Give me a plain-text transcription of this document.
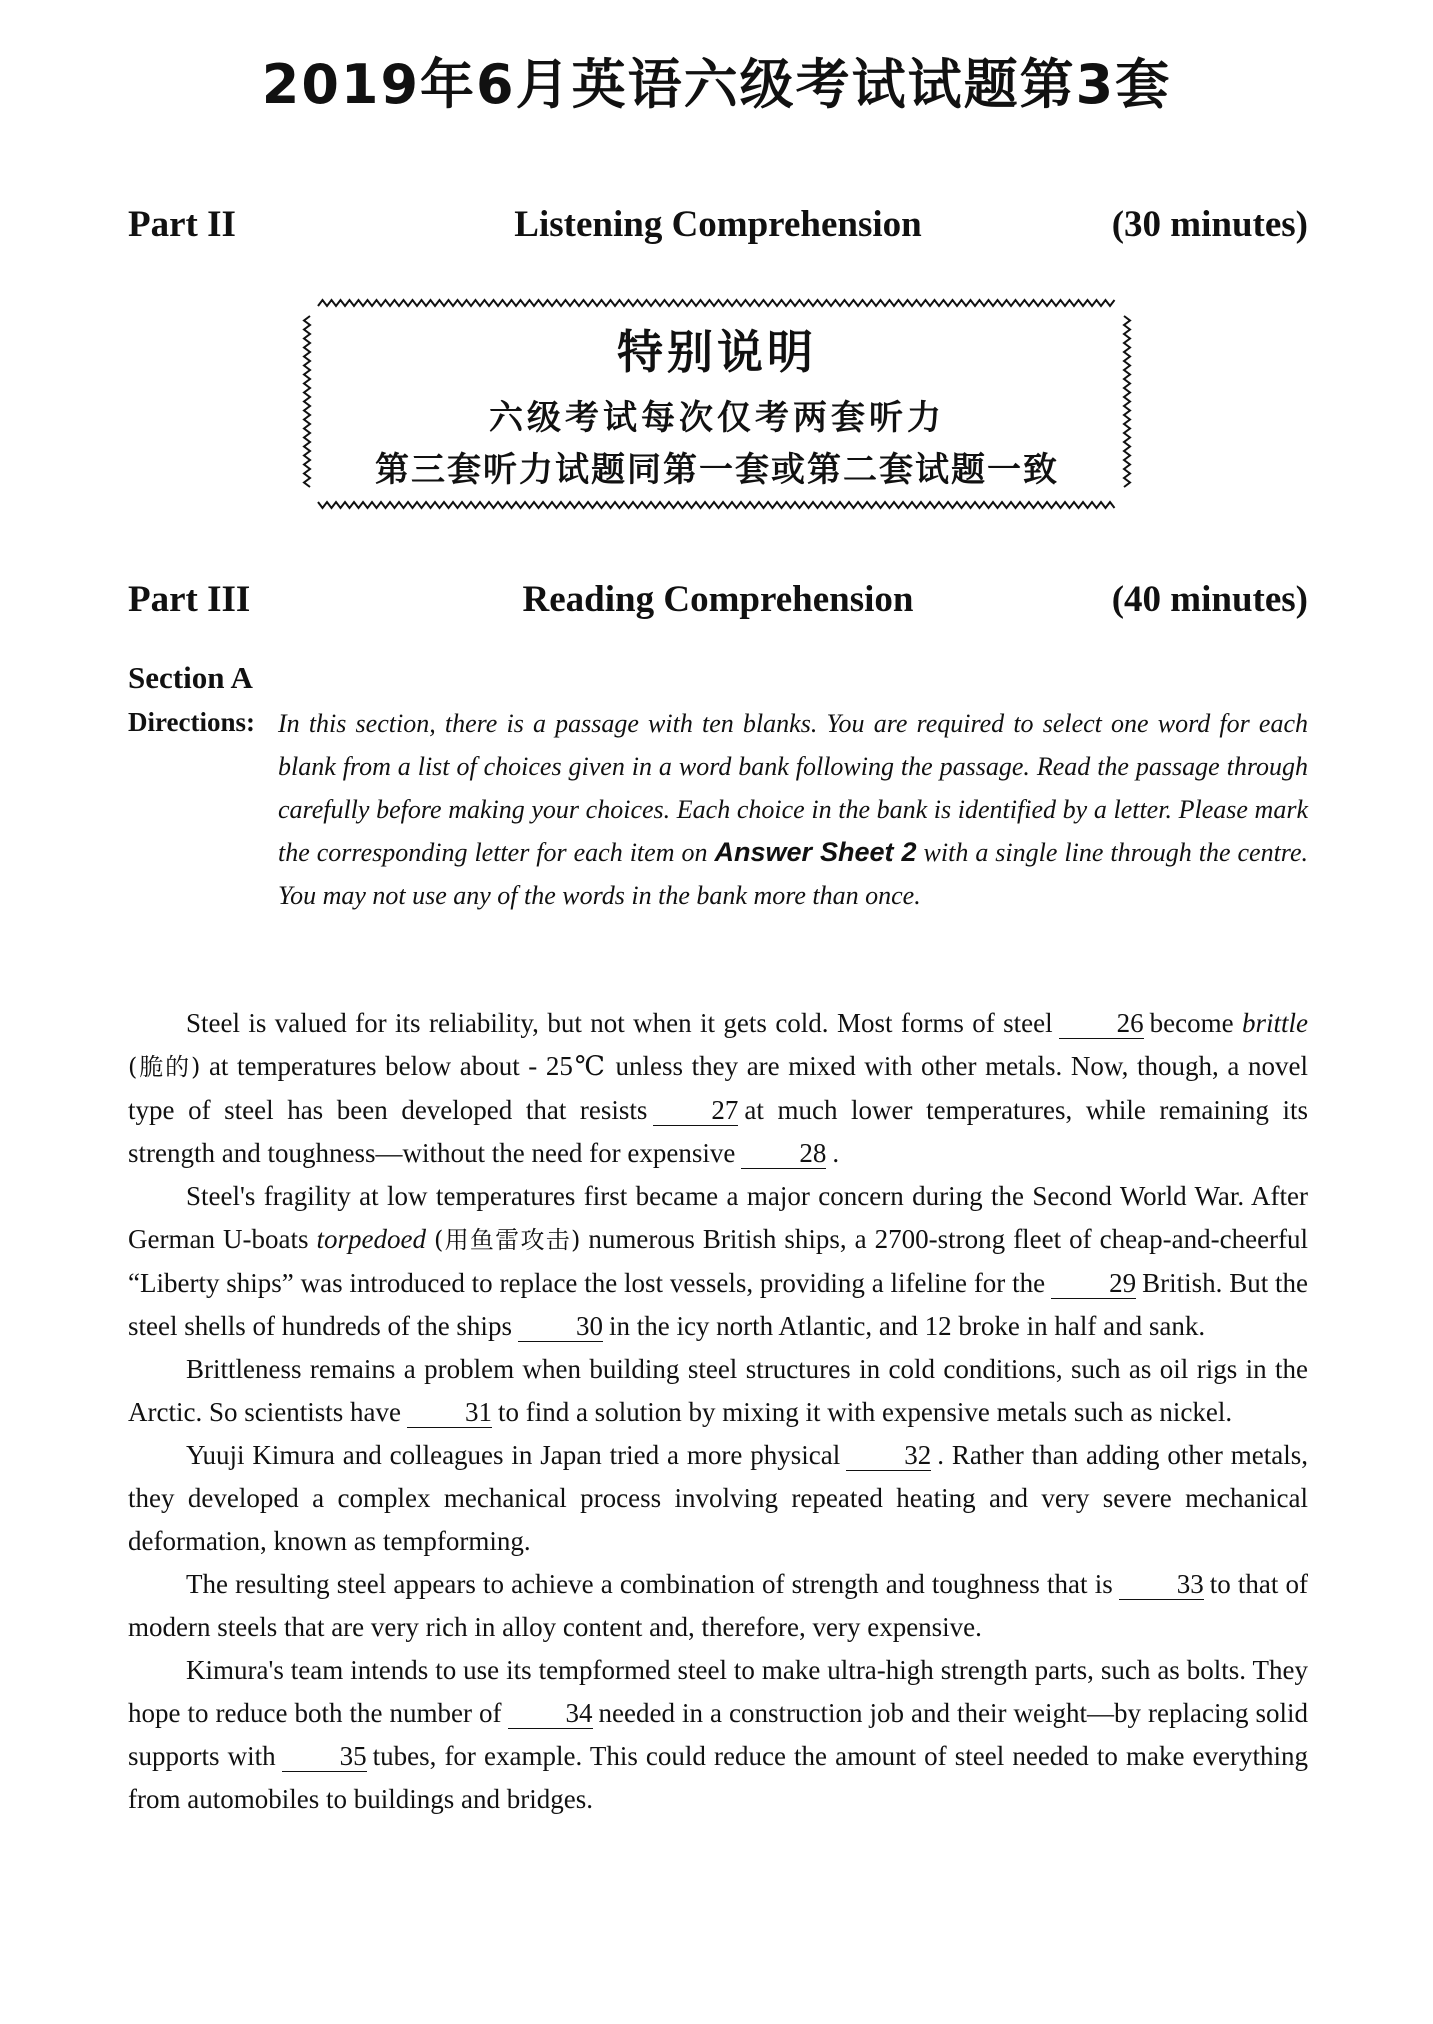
2019年6月英语六级考试试题第3套
Part II	Listening Comprehension	(30 minutes)
特别说明
六级考试每次仅考两套听力
第三套听力试题同第一套或第二套试题一致
Part III	Reading Comprehension	(40 minutes)
Section A
Directions: In this section, there is a passage with ten blanks. You are required to select one word for each blank from a list of choices given in a word bank following the passage. Read the passage through carefully before making your choices. Each choice in the bank is identified by a letter. Please mark the corresponding letter for each item on Answer Sheet 2 with a single line through the centre. You may not use any of the words in the bank more than once.

Steel is valued for its reliability, but not when it gets cold. Most forms of steel 26 become brittle (脆的) at temperatures below about - 25℃ unless they are mixed with other metals. Now, though, a novel type of steel has been developed that resists 27 at much lower temperatures, while remaining its strength and toughness—without the need for expensive 28 .

Steel's fragility at low temperatures first became a major concern during the Second World War. After German U-boats torpedoed (用鱼雷攻击) numerous British ships, a 2700-strong fleet of cheap-and-cheerful “Liberty ships” was introduced to replace the lost vessels, providing a lifeline for the 29 British. But the steel shells of hundreds of the ships 30 in the icy north Atlantic, and 12 broke in half and sank.

Brittleness remains a problem when building steel structures in cold conditions, such as oil rigs in the Arctic. So scientists have 31 to find a solution by mixing it with expensive metals such as nickel.

Yuuji Kimura and colleagues in Japan tried a more physical 32 . Rather than adding other metals, they developed a complex mechanical process involving repeated heating and very severe mechanical deformation, known as tempforming.

The resulting steel appears to achieve a combination of strength and toughness that is 33 to that of modern steels that are very rich in alloy content and, therefore, very expensive.

Kimura's team intends to use its tempformed steel to make ultra-high strength parts, such as bolts. They hope to reduce both the number of 34 needed in a construction job and their weight—by replacing solid supports with 35 tubes, for example. This could reduce the amount of steel needed to make everything from automobiles to buildings and bridges.
